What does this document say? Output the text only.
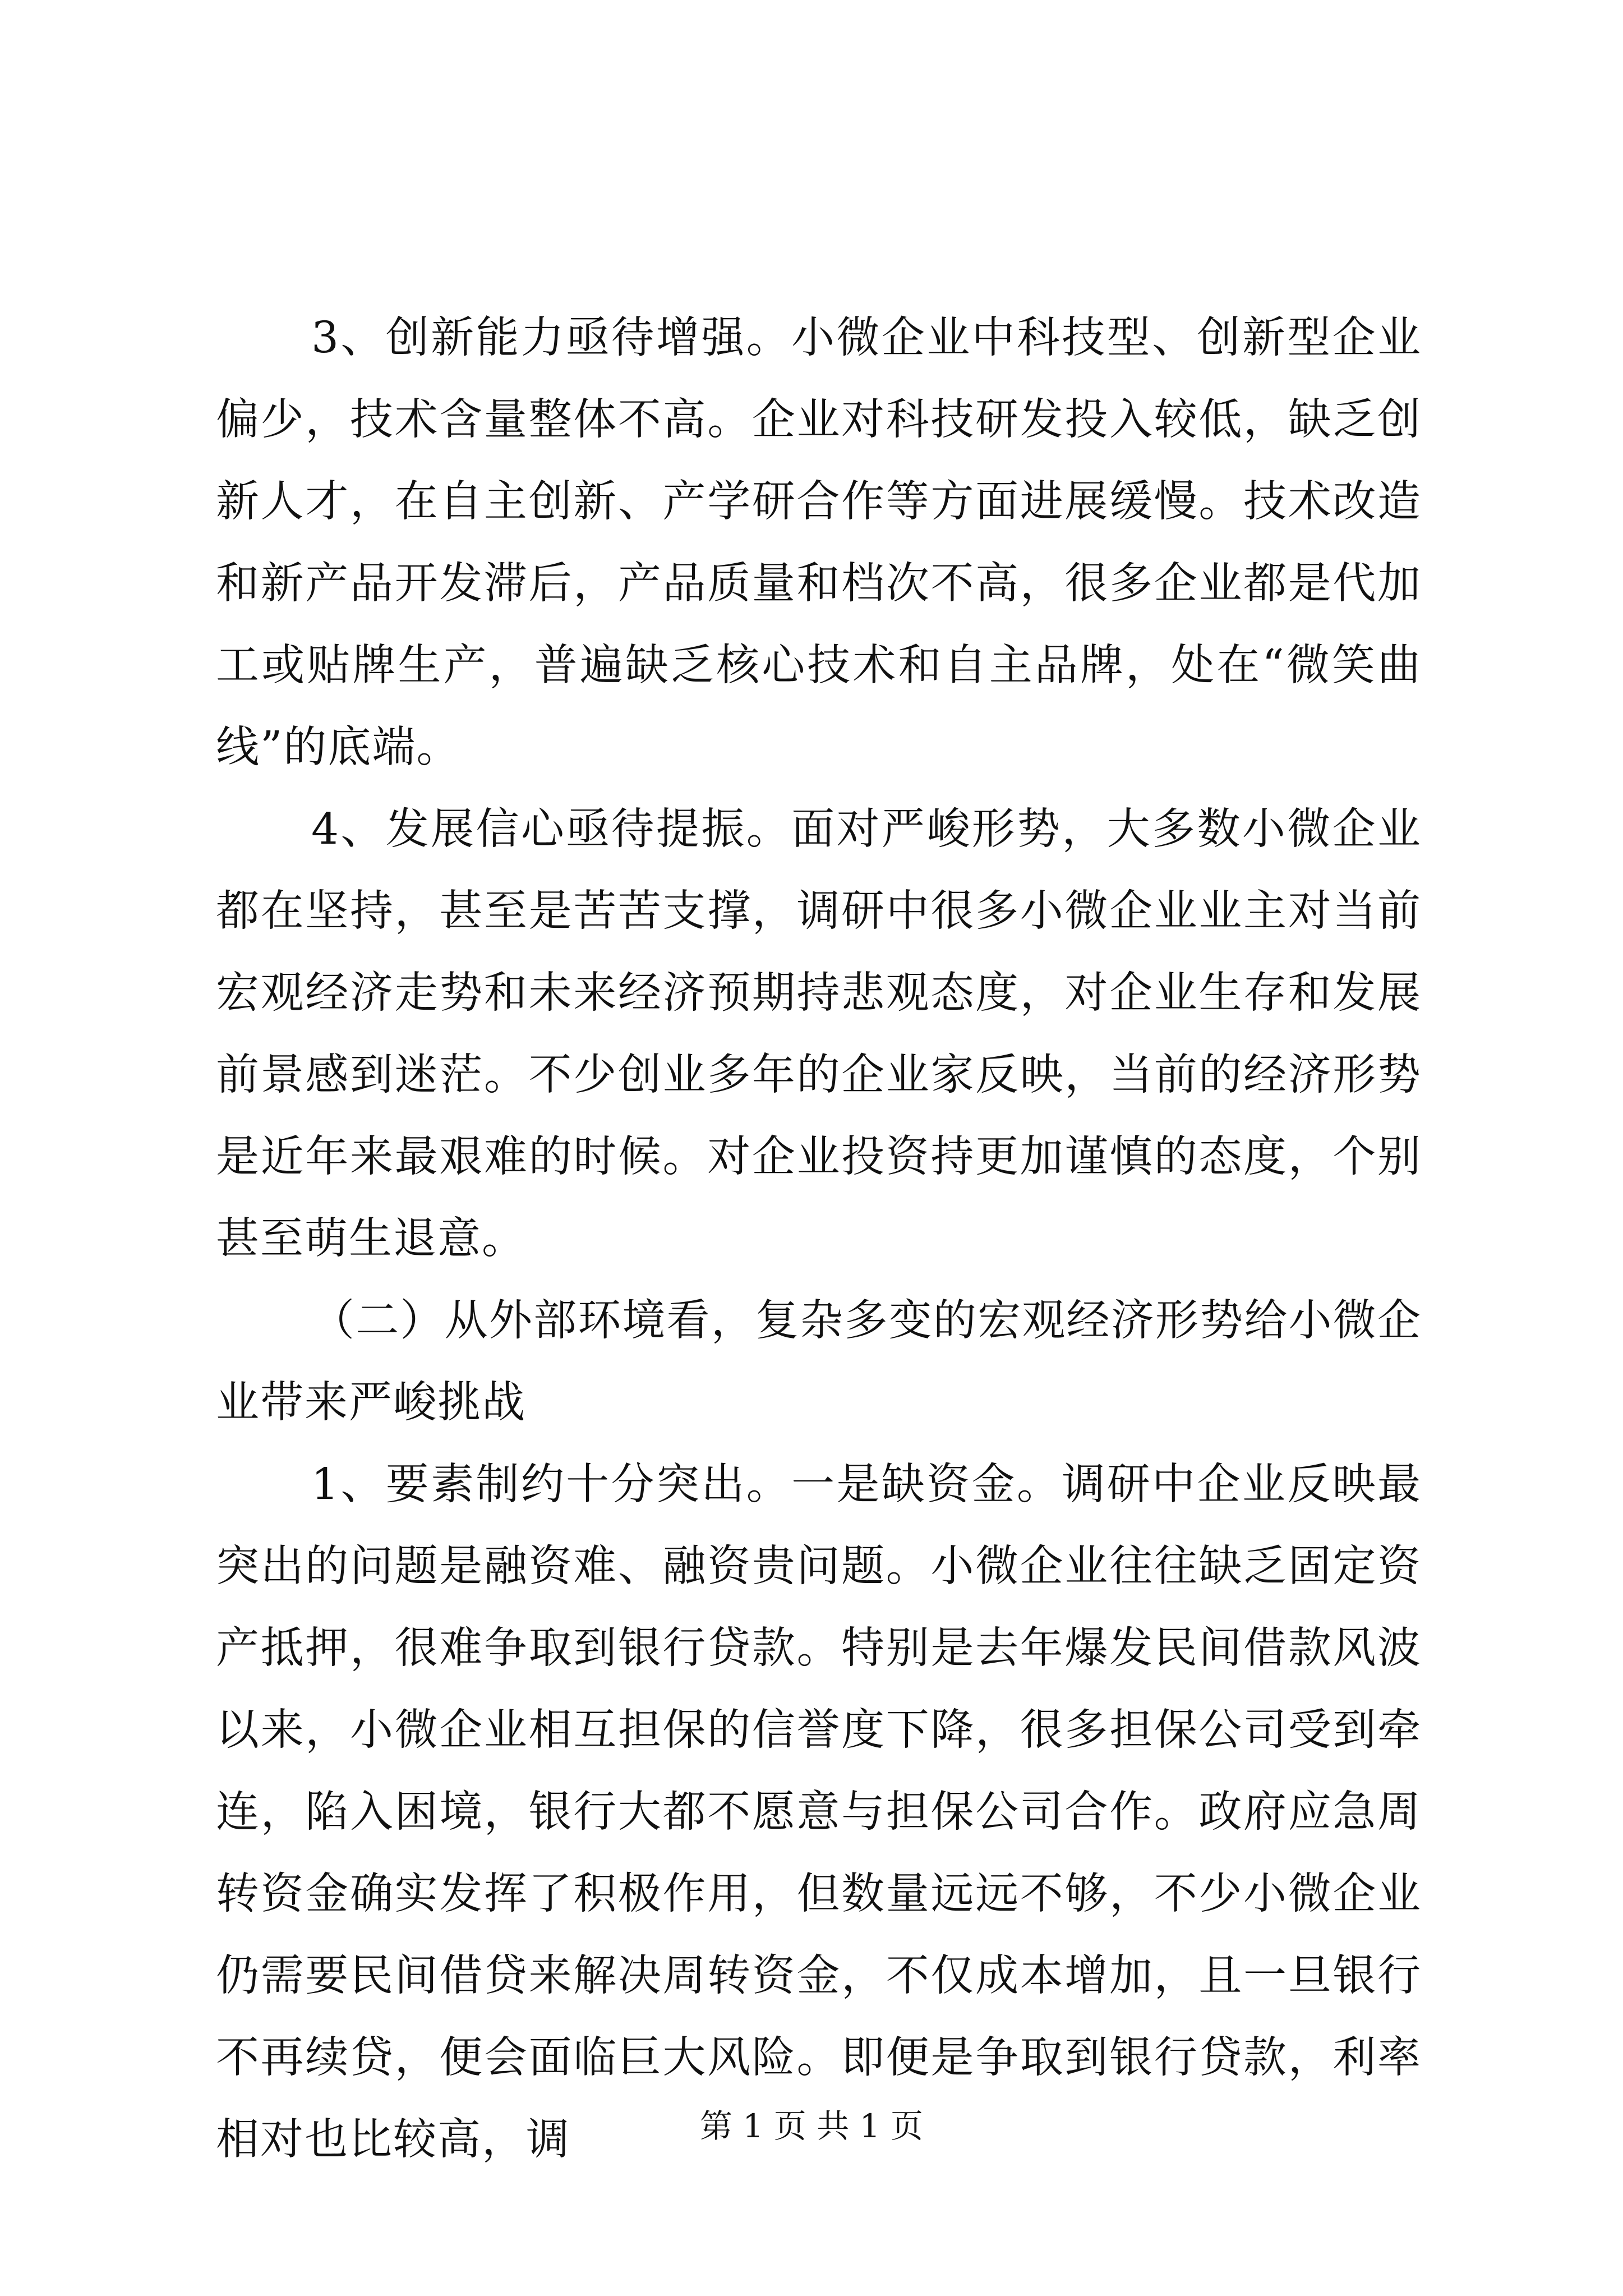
3、创新能力亟待增强。小微企业中科技型、创新型企业偏少，技术含量整体不高。企业对科技研发投入较低，缺乏创新人才，在自主创新、产学研合作等方面进展缓慢。技术改造和新产品开发滞后，产品质量和档次不高，很多企业都是代加工或贴牌生产，普遍缺乏核心技术和自主品牌，处在“微笑曲线”的底端。

4、发展信心亟待提振。面对严峻形势，大多数小微企业都在坚持，甚至是苦苦支撑，调研中很多小微企业业主对当前宏观经济走势和未来经济预期持悲观态度，对企业生存和发展前景感到迷茫。不少创业多年的企业家反映，当前的经济形势是近年来最艰难的时候。对企业投资持更加谨慎的态度，个别甚至萌生退意。

（二）从外部环境看，复杂多变的宏观经济形势给小微企业带来严峻挑战

1、要素制约十分突出。一是缺资金。调研中企业反映最突出的问题是融资难、融资贵问题。小微企业往往缺乏固定资产抵押，很难争取到银行贷款。特别是去年爆发民间借款风波以来，小微企业相互担保的信誉度下降，很多担保公司受到牵连，陷入困境，银行大都不愿意与担保公司合作。政府应急周转资金确实发挥了积极作用，但数量远远不够，不少小微企业仍需要民间借贷来解决周转资金，不仅成本增加，且一旦银行不再续贷，便会面临巨大风险。即便是争取到银行贷款，利率相对也比较高，调	第 1 页 共 1 页
